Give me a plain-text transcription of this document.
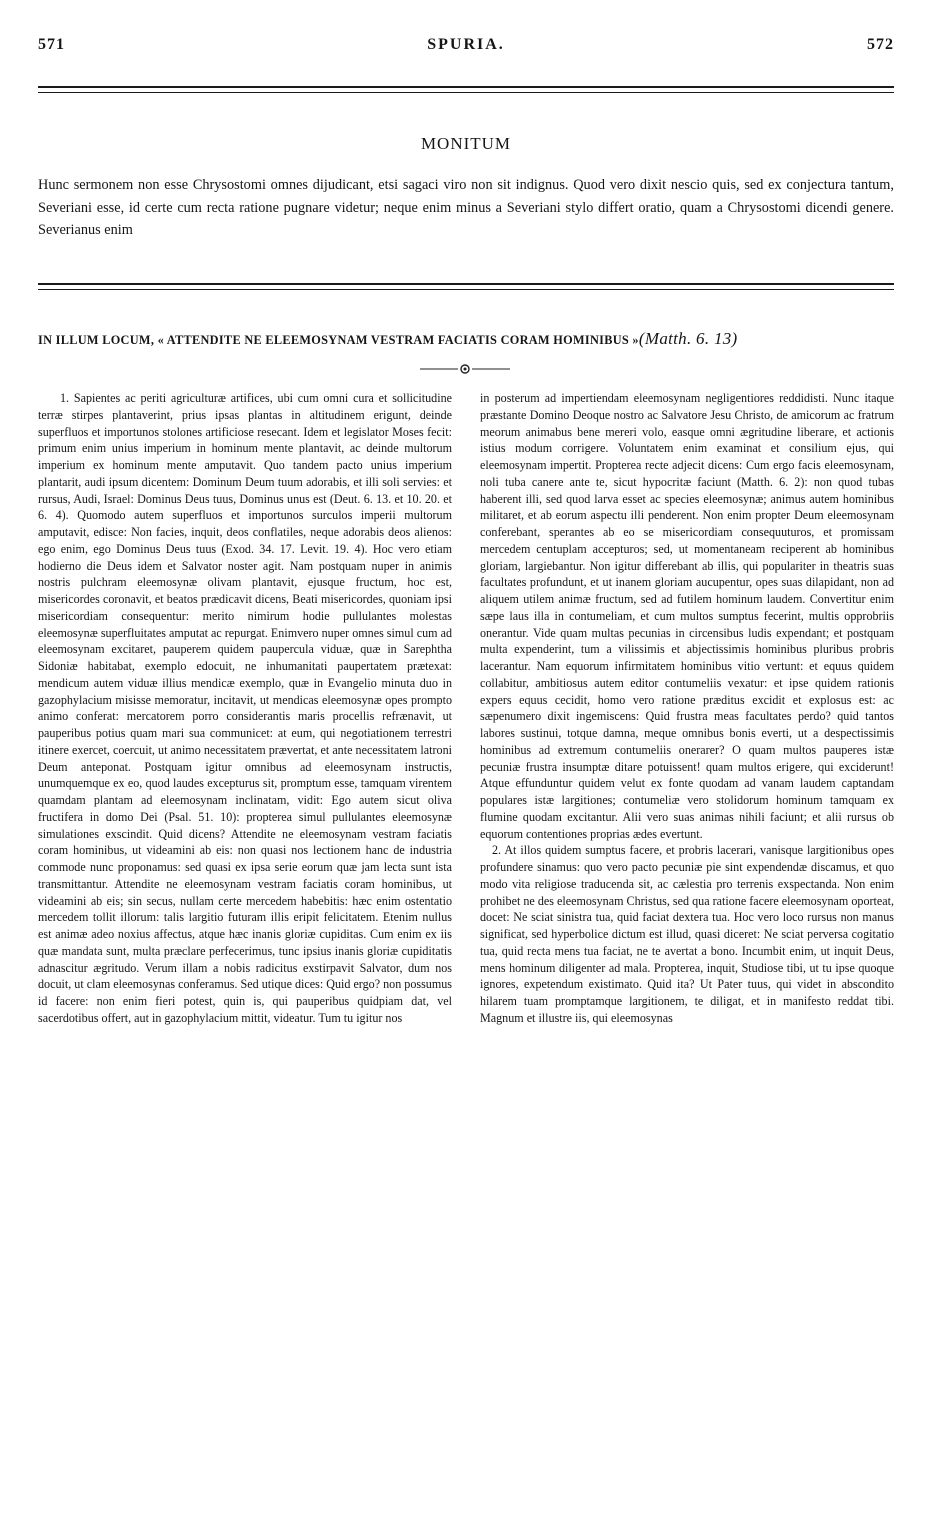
571	SPURIA.	572
MONITUM

Hunc sermonem non esse Chrysostomi omnes dijudicant, etsi sagaci viro non sit indignus. Quod vero dixit nescio quis, sed ex conjectura tantum, Severiani esse, id certe cum recta ratione pugnare videtur; neque enim minus a Severiani stylo differt oratio, quam a Chrysostomi dicendi genere. Severianus enim

IN ILLUM LOCUM, « ATTENDITE NE ELEEMOSYNAM VESTRAM FACIATIS CORAM HOMINIBUS »(Matth. 6. 13)

1. Sapientes ac periti agriculturæ artifices, ubi cum omni cura et sollicitudine terræ stirpes plantaverint, prius ipsas plantas in altitudinem erigunt, deinde superfluos et importunos stolones artificiose resecant. Idem et legislator Moses fecit: primum enim unius imperium in hominum mente plantavit, ac deinde multorum imperium ex hominum mente amputavit. Quo tandem pacto unius imperium plantarit, audi ipsum dicentem: Dominum Deum tuum adorabis, et illi soli servies: et rursus, Audi, Israel: Dominus Deus tuus, Dominus unus est (Deut. 6. 13. et 10. 20. et 6. 4). Quomodo autem superfluos et importunos surculos imperii multorum amputavit, edisce: Non facies, inquit, deos conflatiles, neque adorabis deos alienos: ego enim, ego Dominus Deus tuus (Exod. 34. 17. Levit. 19. 4). Hoc vero etiam hodierno die Deus idem et Salvator noster agit. Nam postquam nuper in animis nostris pulchram eleemosynæ olivam plantavit, ejusque fructum, hoc est, misericordes coronavit, et beatos prædicavit dicens, Beati misericordes, quoniam ipsi misericordiam consequentur: merito nimirum hodie pullulantes molestas eleemosynæ superfluitates amputat ac repurgat. Enimvero nuper omnes simul cum ad eleemosynam excitaret, pauperem quidem paupercula viduæ, quæ in Sarephtha Sidoniæ habitabat, exemplo edocuit, ne inhumanitati paupertatem prætexat: mendicum autem viduæ illius mendicæ exemplo, quæ in Evangelio minuta duo in gazophylacium misisse memoratur, incitavit, ut mendicas eleemosynæ opes prompto animo conferat: mercatorem porro considerantis maris procellis refrænavit, ut pauperibus potius quam mari sua communicet: at eum, qui negotiationem terrestri itinere exercet, coercuit, ut animo necessitatem prævertat, et ante necessitatem latroni Deum anteponat. Postquam igitur omnibus ad eleemosynam instructis, unumquemque ex eo, quod laudes excepturus sit, promptum esse, tamquam virentem quamdam plantam ad eleemosynam inclinatam, vidit: Ego autem sicut oliva fructifera in domo Dei (Psal. 51. 10): propterea simul pullulantes eleemosynæ simulationes exscindit. Quid dicens? Attendite ne eleemosynam vestram faciatis coram hominibus, ut videamini ab eis: non quasi nos lectionem hanc de industria commode nunc proponamus: sed quasi ex ipsa serie eorum quæ jam lecta sunt ista transmittantur. Attendite ne eleemosynam vestram faciatis coram hominibus, ut videamini ab eis; sin secus, nullam certe mercedem habebitis: hæc enim ostentatio mercedem tollit illorum: talis largitio futuram illis eripit felicitatem. Etenim nullus est animæ adeo noxius affectus, atque hæc inanis gloriæ cupiditas. Cum enim ex iis quæ mandata sunt, multa præclare perfecerimus, tunc ipsius inanis gloriæ cupiditatis adnascitur ægritudo. Verum illam a nobis radicitus exstirpavit Salvator, dum nos docuit, ut clam eleemosynas conferamus. Sed utique dices: Quid ergo? non possumus id facere: non enim fieri potest, quin is, qui pauperibus quidpiam dat, vel sacerdotibus offert, aut in gazophylacium mittit, videatur. Tum tu igitur nos

in posterum ad impertiendam eleemosynam negligentiores reddidisti. Nunc itaque præstante Domino Deoque nostro ac Salvatore Jesu Christo, de amicorum ac fratrum meorum animabus bene mereri volo, easque omni ægritudine liberare, et actionis istius modum corrigere. Voluntatem enim examinat et consilium ejus, qui eleemosynam impertit. Propterea recte adjecit dicens: Cum ergo facis eleemosynam, noli tuba canere ante te, sicut hypocritæ faciunt (Matth. 6. 2): non quod tubas haberent illi, sed quod larva esset ac species eleemosynæ; animus autem hominibus militaret, et ab eorum aspectu illi penderent. Non enim propter Deum eleemosynam conferebant, sperantes ab eo se misericordiam consequuturos, et promissam mercedem centuplam accepturos; sed, ut momentaneam reciperent ab hominibus gloriam, largiebantur. Non igitur differebant ab illis, qui populariter in theatris suas facultates profundunt, et ut inanem gloriam aucupentur, opes suas dilapidant, non ad aliquem utilem animæ fructum, sed ad futilem hominum laudem. Convertitur enim sæpe laus illa in contumeliam, et cum multos sumptus fecerint, multis opprobriis onerantur. Vide quam multas pecunias in circensibus ludis expendant; et postquam multa expenderint, tum a vilissimis et abjectissimis hominibus pluribus probris lacerantur. Nam equorum infirmitatem hominibus vitio vertunt: et equus quidem collabitur, ambitiosus autem editor contumeliis vexatur: et ipse quidem rationis expers equus cecidit, homo vero ratione præditus excidit et explosus est: ac sæpenumero dixit ingemiscens: Quid frustra meas facultates perdo? quid tantos labores sustinui, totque damna, meque omnibus bonis everti, ut a despectissimis hominibus ad extremum contumeliis onerarer? O quam multos pauperes istæ pecuniæ frustra insumptæ ditare potuissent! quam multos erigere, qui exciderunt! Atque effunduntur quidem velut ex fonte quodam ad vanam laudem captandam populares istæ largitiones; contumeliæ vero stolidorum hominum tamquam ex flumine quodam excitantur. Alii vero suas animas nihili faciunt; et alii rursus ob equorum contentiones proprias ædes evertunt.

2. At illos quidem sumptus facere, et probris lacerari, vanisque largitionibus opes profundere sinamus: quo vero pacto pecuniæ pie sint expendendæ discamus, et quo modo vita religiose traducenda sit, ac cælestia pro terrenis exspectanda. Non enim prohibet ne des eleemosynam Christus, sed qua ratione facere eleemosynam oporteat, docet: Ne sciat sinistra tua, quid faciat dextera tua. Hoc vero loco rursus non manus significat, sed hyperbolice dictum est illud, quasi diceret: Ne sciat perversa cogitatio tua, quid recta mens tua faciat, ne te avertat a bono. Incumbit enim, ut inquit Deus, mens hominum diligenter ad mala. Propterea, inquit, Studiose tibi, ut tu ipse quoque ignores, expetendum existimato. Quid ita? Ut Pater tuus, qui videt in abscondito hilarem tuam promptamque largitionem, te diligat, et in manifesto reddat tibi. Magnum et illustre iis, qui eleemosynas
